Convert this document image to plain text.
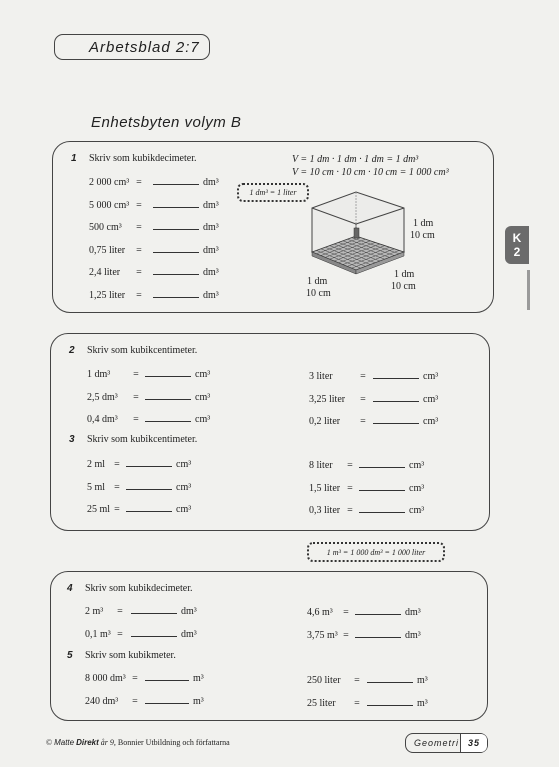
Arbetsblad 2:7
Enhetsbyten volym B
K
2
1 Skriv som kubikdecimeter.	V = 1 dm · 1 dm · 1 dm = 1 dm³
V = 10 cm · 10 cm · 10 cm = 1 000 cm³
1 dm³ = 1 liter
2 000 cm³ =	dm³
5 000 cm³ =	dm³
500 cm³	=	dm³
0,75 liter	=	dm³
2,4 liter	=	dm³
1,25 liter	=	dm³
1 dm
10 cm
1 dm
10 cm
1 dm
10 cm
2 Skriv som kubikcentimeter.
3 Skriv som kubikcentimeter.
1 dm³	=	cm³
2,5 dm³	=	cm³
0,4 dm³	=	cm³
3 liter	=	cm³
3,25 liter	=	cm³
0,2 liter	=	cm³
2 ml =	cm³
5 ml =	cm³
25 ml =	cm³
8 liter	=	cm³
1,5 liter =	cm³
0,3 liter =	cm³
1 m³ = 1 000 dm³ = 1 000 liter
4 Skriv som kubikdecimeter.
5 Skriv som kubikmeter.
2 m³	=	dm³
0,1 m³ =	dm³
4,6 m³	=	dm³
3,75 m³ =	dm³
8 000 dm³ =	m³
240 dm³	=	m³
250 liter	=	m³
25 liter	=	m³
© Matte Direkt år 9, Bonnier Utbildning och författarna	Geometri 35
